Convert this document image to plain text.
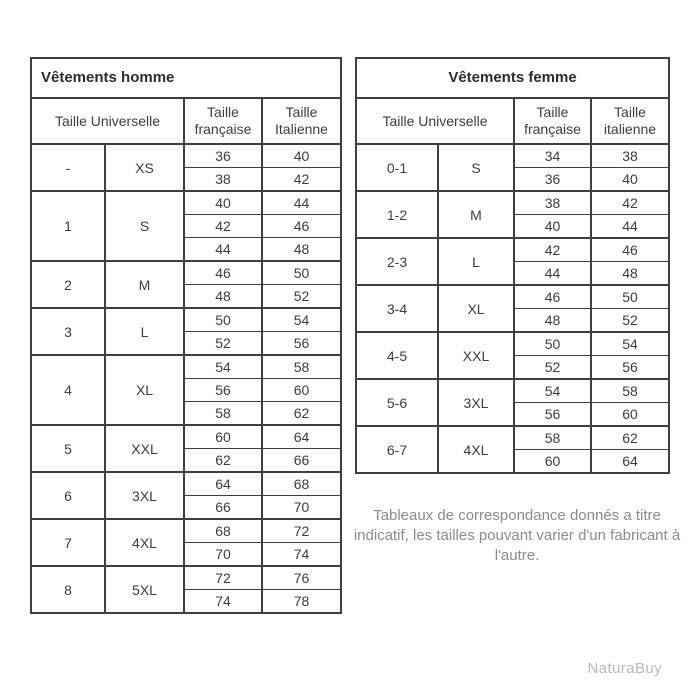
Vêtements homme			
Taille Universelle		Taille française	Taille Italienne
-	XS	36	40
		38	42
1	S	40	44
		42	46
		44	48
2	M	46	50
		48	52
3	L	50	54
		52	56
4	XL	54	58
		56	60
		58	62
5	XXL	60	64
		62	66
6	3XL	64	68
		66	70
7	4XL	68	72
		70	74
8	5XL	72	76
		74	78
Vêtements femme			
Taille Universelle		Taille française	Taille italienne
0-1	S	34	38
		36	40
1-2	M	38	42
		40	44
2-3	L	42	46
		44	48
3-4	XL	46	50
		48	52
4-5	XXL	50	54
		52	56
5-6	3XL	54	58
		56	60
6-7	4XL	58	62
		60	64
Tableaux de correspondance donnés a titre indicatif, les tailles pouvant varier d'un fabricant à l'autre.
NaturaBuy
